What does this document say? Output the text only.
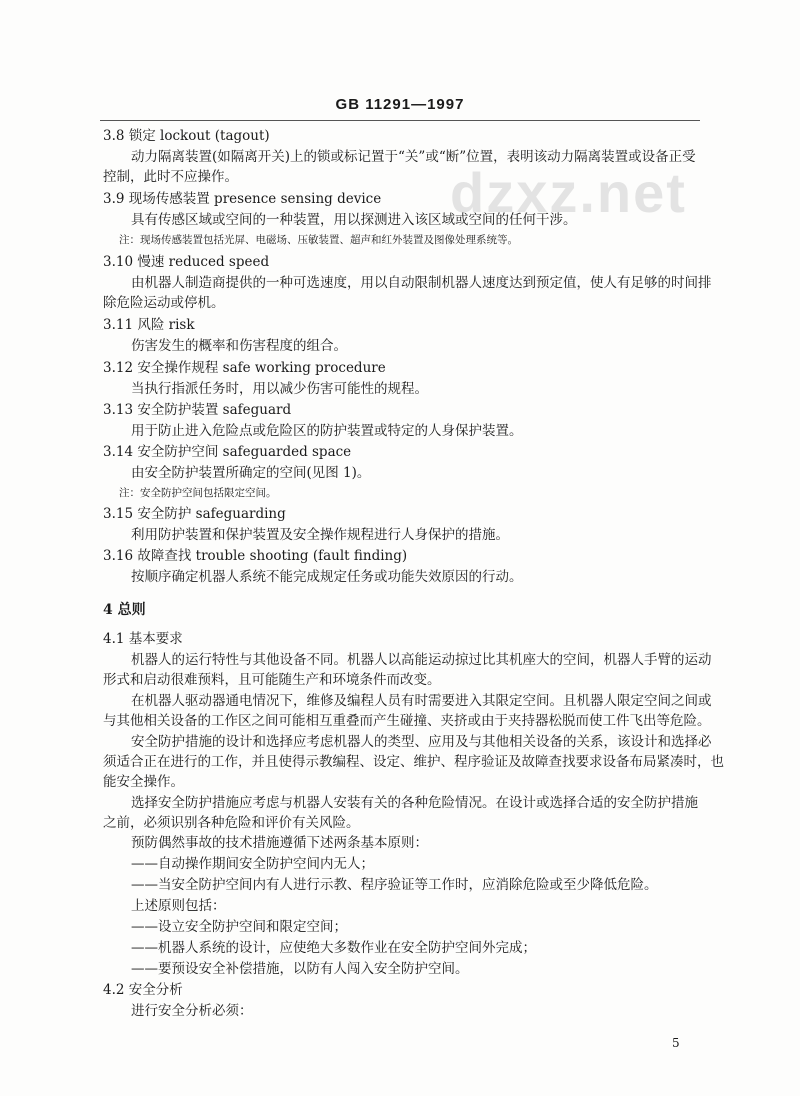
GB 11291—1997
dzxz.net
3.8 锁定 lockout (tagout)
动力隔离装置(如隔离开关)上的锁或标记置于“关”或“断”位置，表明该动力隔离装置或设备正受
控制，此时不应操作。
3.9 现场传感装置 presence sensing device
具有传感区域或空间的一种装置，用以探测进入该区域或空间的任何干涉。
注：现场传感装置包括光屏、电磁场、压敏装置、超声和红外装置及图像处理系统等。
3.10 慢速 reduced speed
由机器人制造商提供的一种可选速度，用以自动限制机器人速度达到预定值，使人有足够的时间排
除危险运动或停机。
3.11 风险 risk
伤害发生的概率和伤害程度的组合。
3.12 安全操作规程 safe working procedure
当执行指派任务时，用以减少伤害可能性的规程。
3.13 安全防护装置 safeguard
用于防止进入危险点或危险区的防护装置或特定的人身保护装置。
3.14 安全防护空间 safeguarded space
由安全防护装置所确定的空间(见图 1)。
注：安全防护空间包括限定空间。
3.15 安全防护 safeguarding
利用防护装置和保护装置及安全操作规程进行人身保护的措施。
3.16 故障查找 trouble shooting (fault finding)
按顺序确定机器人系统不能完成规定任务或功能失效原因的行动。
4 总则
4.1 基本要求
机器人的运行特性与其他设备不同。机器人以高能运动掠过比其机座大的空间，机器人手臂的运动
形式和启动很难预料，且可能随生产和环境条件而改变。
在机器人驱动器通电情况下，维修及编程人员有时需要进入其限定空间。且机器人限定空间之间或
与其他相关设备的工作区之间可能相互重叠而产生碰撞、夹挤或由于夹持器松脱而使工件飞出等危险。
安全防护措施的设计和选择应考虑机器人的类型、应用及与其他相关设备的关系，该设计和选择必
须适合正在进行的工作，并且使得示教编程、设定、维护、程序验证及故障查找要求设备布局紧凑时，也
能安全操作。
选择安全防护措施应考虑与机器人安装有关的各种危险情况。在设计或选择合适的安全防护措施
之前，必须识别各种危险和评价有关风险。
预防偶然事故的技术措施遵循下述两条基本原则：
——自动操作期间安全防护空间内无人；
——当安全防护空间内有人进行示教、程序验证等工作时，应消除危险或至少降低危险。
上述原则包括：
——设立安全防护空间和限定空间；
——机器人系统的设计，应使绝大多数作业在安全防护空间外完成；
——要预设安全补偿措施，以防有人闯入安全防护空间。
4.2 安全分析
进行安全分析必须：
5
